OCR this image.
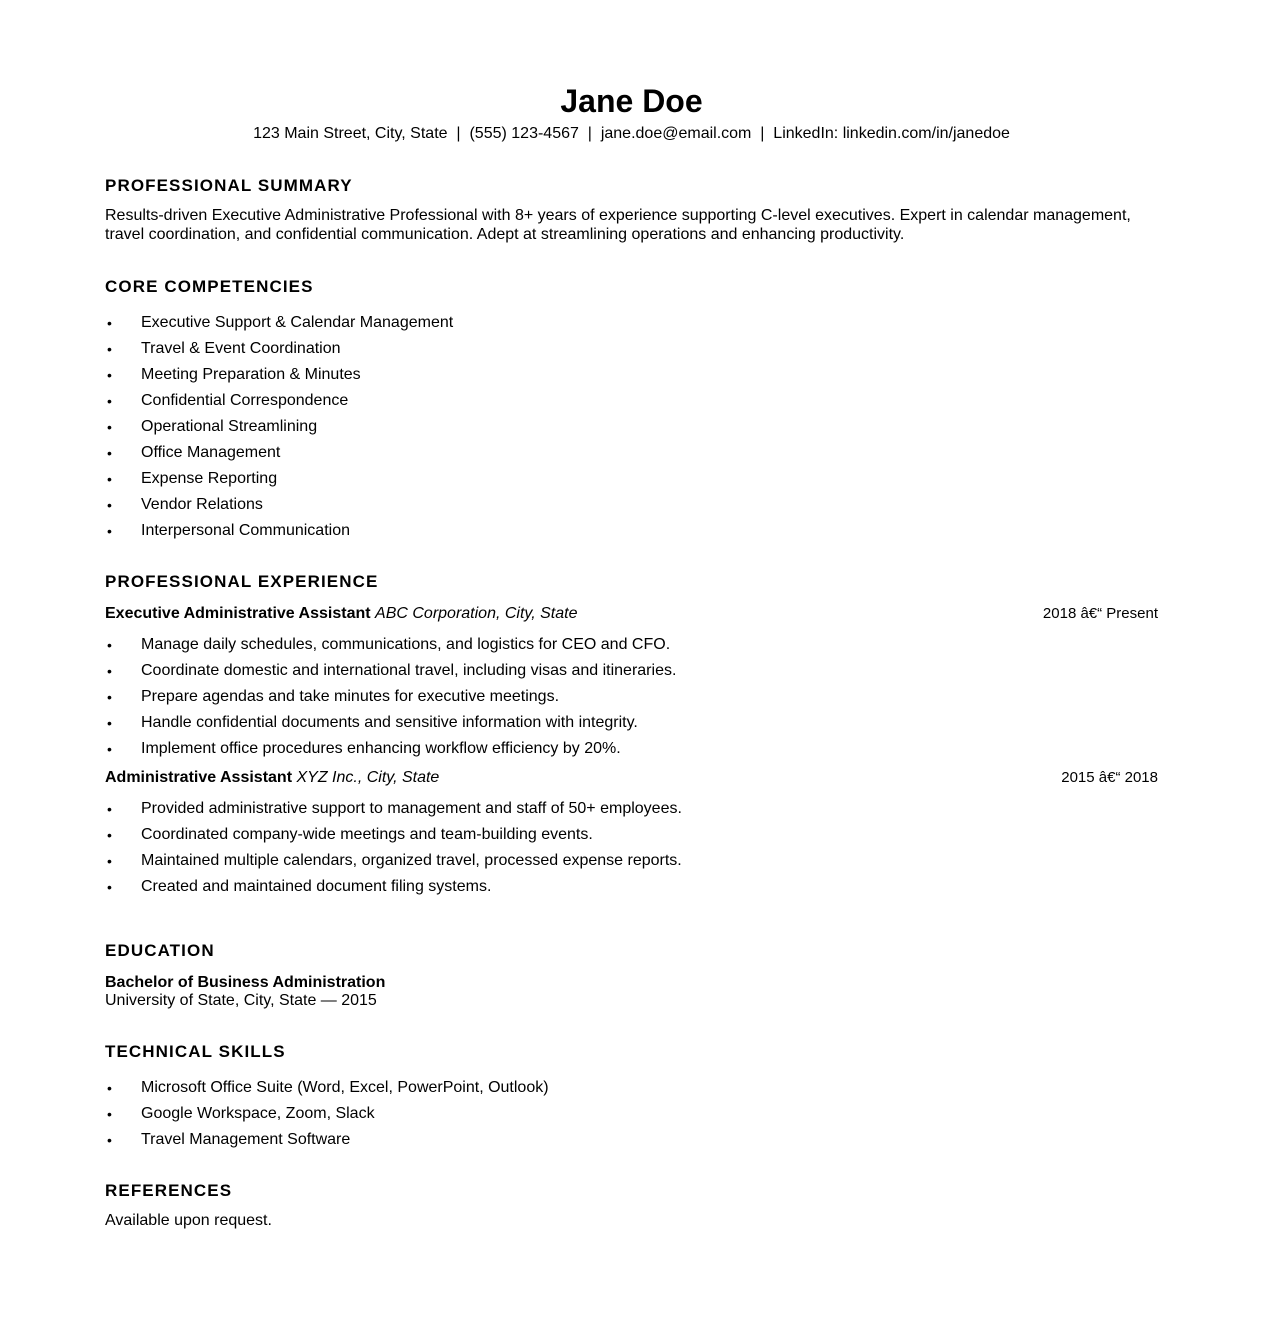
Jane Doe
123 Main Street, City, State  |  (555) 123-4567  |  jane.doe@email.com  |  LinkedIn: linkedin.com/in/janedoe
PROFESSIONAL SUMMARY

Results-driven Executive Administrative Professional with 8+ years of experience supporting C-level executives. Expert in calendar management, travel coordination, and confidential communication. Adept at streamlining operations and enhancing productivity.

CORE COMPETENCIES
• Executive Support & Calendar Management
• Travel & Event Coordination
• Meeting Preparation & Minutes
• Confidential Correspondence
• Operational Streamlining
• Office Management
• Expense Reporting
• Vendor Relations
• Interpersonal Communication
PROFESSIONAL EXPERIENCE
Executive Administrative Assistant ABC Corporation, City, State	2018 â€“ Present
• Manage daily schedules, communications, and logistics for CEO and CFO.
• Coordinate domestic and international travel, including visas and itineraries.
• Prepare agendas and take minutes for executive meetings.
• Handle confidential documents and sensitive information with integrity.
• Implement office procedures enhancing workflow efficiency by 20%.
Administrative Assistant XYZ Inc., City, State	2015 â€“ 2018
• Provided administrative support to management and staff of 50+ employees.
• Coordinated company-wide meetings and team-building events.
• Maintained multiple calendars, organized travel, processed expense reports.
• Created and maintained document filing systems.
EDUCATION
Bachelor of Business Administration
University of State, City, State — 2015
TECHNICAL SKILLS
• Microsoft Office Suite (Word, Excel, PowerPoint, Outlook)
• Google Workspace, Zoom, Slack
• Travel Management Software
REFERENCES

Available upon request.
